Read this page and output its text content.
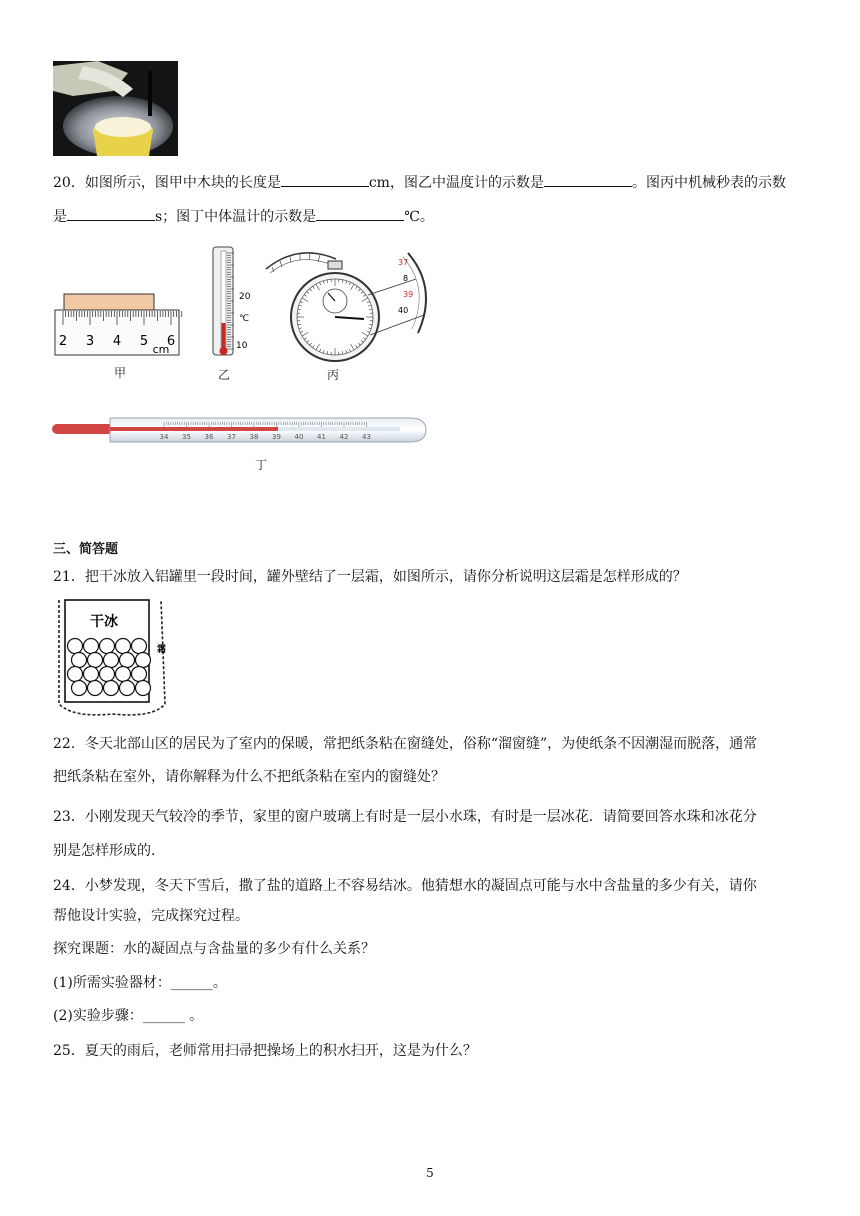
20．如图所示，图甲中木块的长度是	cm，图乙中温度计的示数是	。图丙中机械秒表的示数
是	s；图丁中体温计的示数是	℃。
2 3 4 5 6
cm
甲
20
℃
10
乙
37
8
39
40
丙
34 35 36 37 38 39 40 41 42 43
丁
三、简答题
21．把干冰放入铝罐里一段时间，罐外壁结了一层霜，如图所示，请你分析说明这层霜是怎样形成的？
干冰
霜
22．冬天北部山区的居民为了室内的保暖，常把纸条粘在窗缝处，俗称“溜窗缝”，为使纸条不因潮湿而脱落，通常
把纸条粘在室外，请你解释为什么不把纸条粘在室内的窗缝处？
23．小刚发现天气较冷的季节，家里的窗户玻璃上有时是一层小水珠，有时是一层冰花．请简要回答水珠和冰花分
别是怎样形成的.
24．小梦发现，冬天下雪后，撒了盐的道路上不容易结冰。他猜想水的凝固点可能与水中含盐量的多少有关，请你
帮他设计实验，完成探究过程。
探究课题：水的凝固点与含盐量的多少有什么关系？
(1)所需实验器材：______。
(2)实验步骤：______ 。
25．夏天的雨后，老师常用扫帚把操场上的积水扫开，这是为什么？
5
